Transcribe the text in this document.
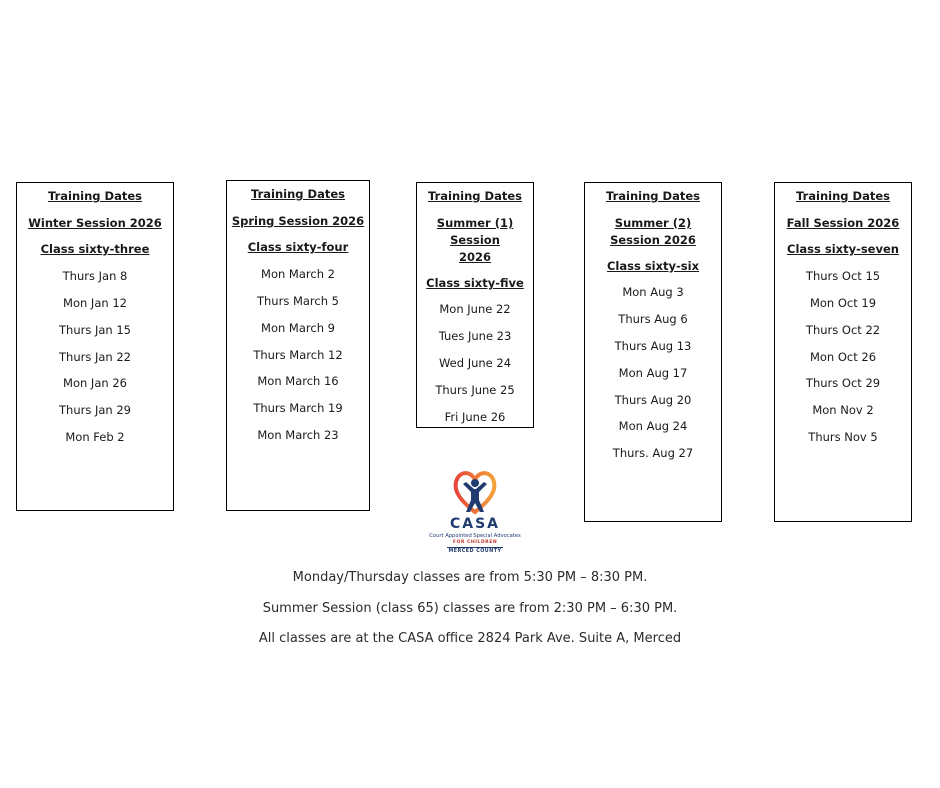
Training Dates
Winter Session 2026
Class sixty-three
Thurs Jan 8
Mon Jan 12
Thurs Jan 15
Thurs Jan 22
Mon Jan 26
Thurs Jan 29
Mon Feb 2
Training Dates
Spring Session 2026
Class sixty-four
Mon March 2
Thurs March 5
Mon March 9
Thurs March 12
Mon March 16
Thurs March 19
Mon March 23
Training Dates
Summer (1) Session 2026
Class sixty-five
Mon June 22
Tues June 23
Wed June 24
Thurs June 25
Fri June 26
Training Dates
Summer (2) Session 2026
Class sixty-six
Mon Aug 3
Thurs Aug 6
Thurs Aug 13
Mon Aug 17
Thurs Aug 20
Mon Aug 24
Thurs. Aug 27
Training Dates
Fall Session 2026
Class sixty-seven
Thurs Oct 15
Mon Oct 19
Thurs Oct 22
Mon Oct 26
Thurs Oct 29
Mon Nov 2
Thurs Nov 5
CASA
Court Appointed Special Advocates
FOR CHILDREN
MERCED COUNTY
Monday/Thursday classes are from 5:30 PM – 8:30 PM.
Summer Session (class 65) classes are from 2:30 PM – 6:30 PM.
All classes are at the CASA office 2824 Park Ave. Suite A, Merced
